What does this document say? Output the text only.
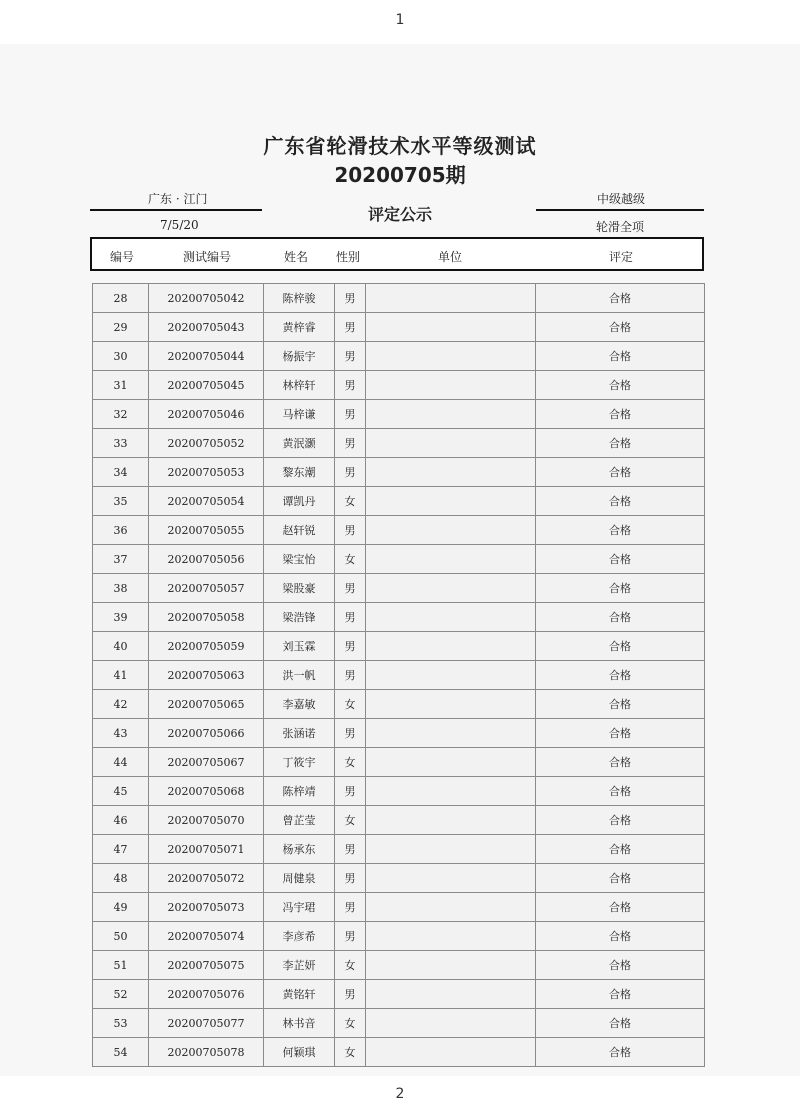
1
广东省轮滑技术水平等级测试
20200705期
广东 · 江门
7/5/20
中级越级
轮滑全项
评定公示
编号	测试编号	姓名 性别	单位	评定
28	20200705042	陈梓骏	男		合格
29	20200705043	黄梓睿	男		合格
30	20200705044	杨振宇	男		合格
31	20200705045	林梓轩	男		合格
32	20200705046	马梓谦	男		合格
33	20200705052	黄泯灏	男		合格
34	20200705053	黎东潮	男		合格
35	20200705054	谭凯丹	女		合格
36	20200705055	赵轩锐	男		合格
37	20200705056	梁宝怡	女		合格
38	20200705057	梁股豪	男		合格
39	20200705058	梁浩锋	男		合格
40	20200705059	刘玉霖	男		合格
41	20200705063	洪一帆	男		合格
42	20200705065	李嘉敏	女		合格
43	20200705066	张涵诺	男		合格
44	20200705067	丁筱宇	女		合格
45	20200705068	陈梓靖	男		合格
46	20200705070	曾芷莹	女		合格
47	20200705071	杨承东	男		合格
48	20200705072	周健泉	男		合格
49	20200705073	冯宇珺	男		合格
50	20200705074	李彦希	男		合格
51	20200705075	李芷妍	女		合格
52	20200705076	黄铭轩	男		合格
53	20200705077	林书音	女		合格
54	20200705078	何颖琪	女		合格
2
